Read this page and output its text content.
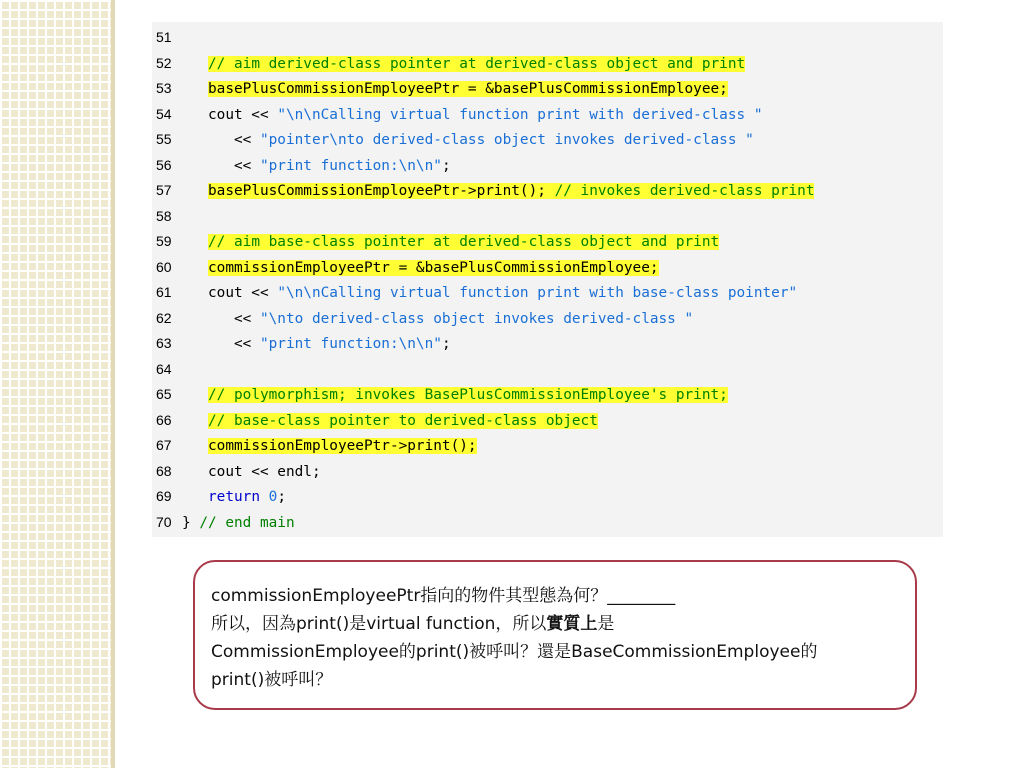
51
52	// aim derived-class pointer at derived-class object and print
53	basePlusCommissionEmployeePtr = &basePlusCommissionEmployee;
54   cout << "\n\nCalling virtual function print with derived-class "
55      << "pointer\nto derived-class object invokes derived-class "
56      << "print function:\n\n";
57	basePlusCommissionEmployeePtr->print(); // invokes derived-class print
58
59	// aim base-class pointer at derived-class object and print
60	commissionEmployeePtr = &basePlusCommissionEmployee;
61   cout << "\n\nCalling virtual function print with base-class pointer"
62      << "\nto derived-class object invokes derived-class "
63      << "print function:\n\n";
64
65	// polymorphism; invokes BasePlusCommissionEmployee's print;
66	// base-class pointer to derived-class object
67	commissionEmployeePtr->print();
68   cout << endl;
69	return 0;
70 } // end main
commissionEmployeePtr指向的物件其型態為何？________
所以，因為print()是virtual function，所以實質上是
CommissionEmployee的print()被呼叫？還是BaseCommissionEmployee的
print()被呼叫？
